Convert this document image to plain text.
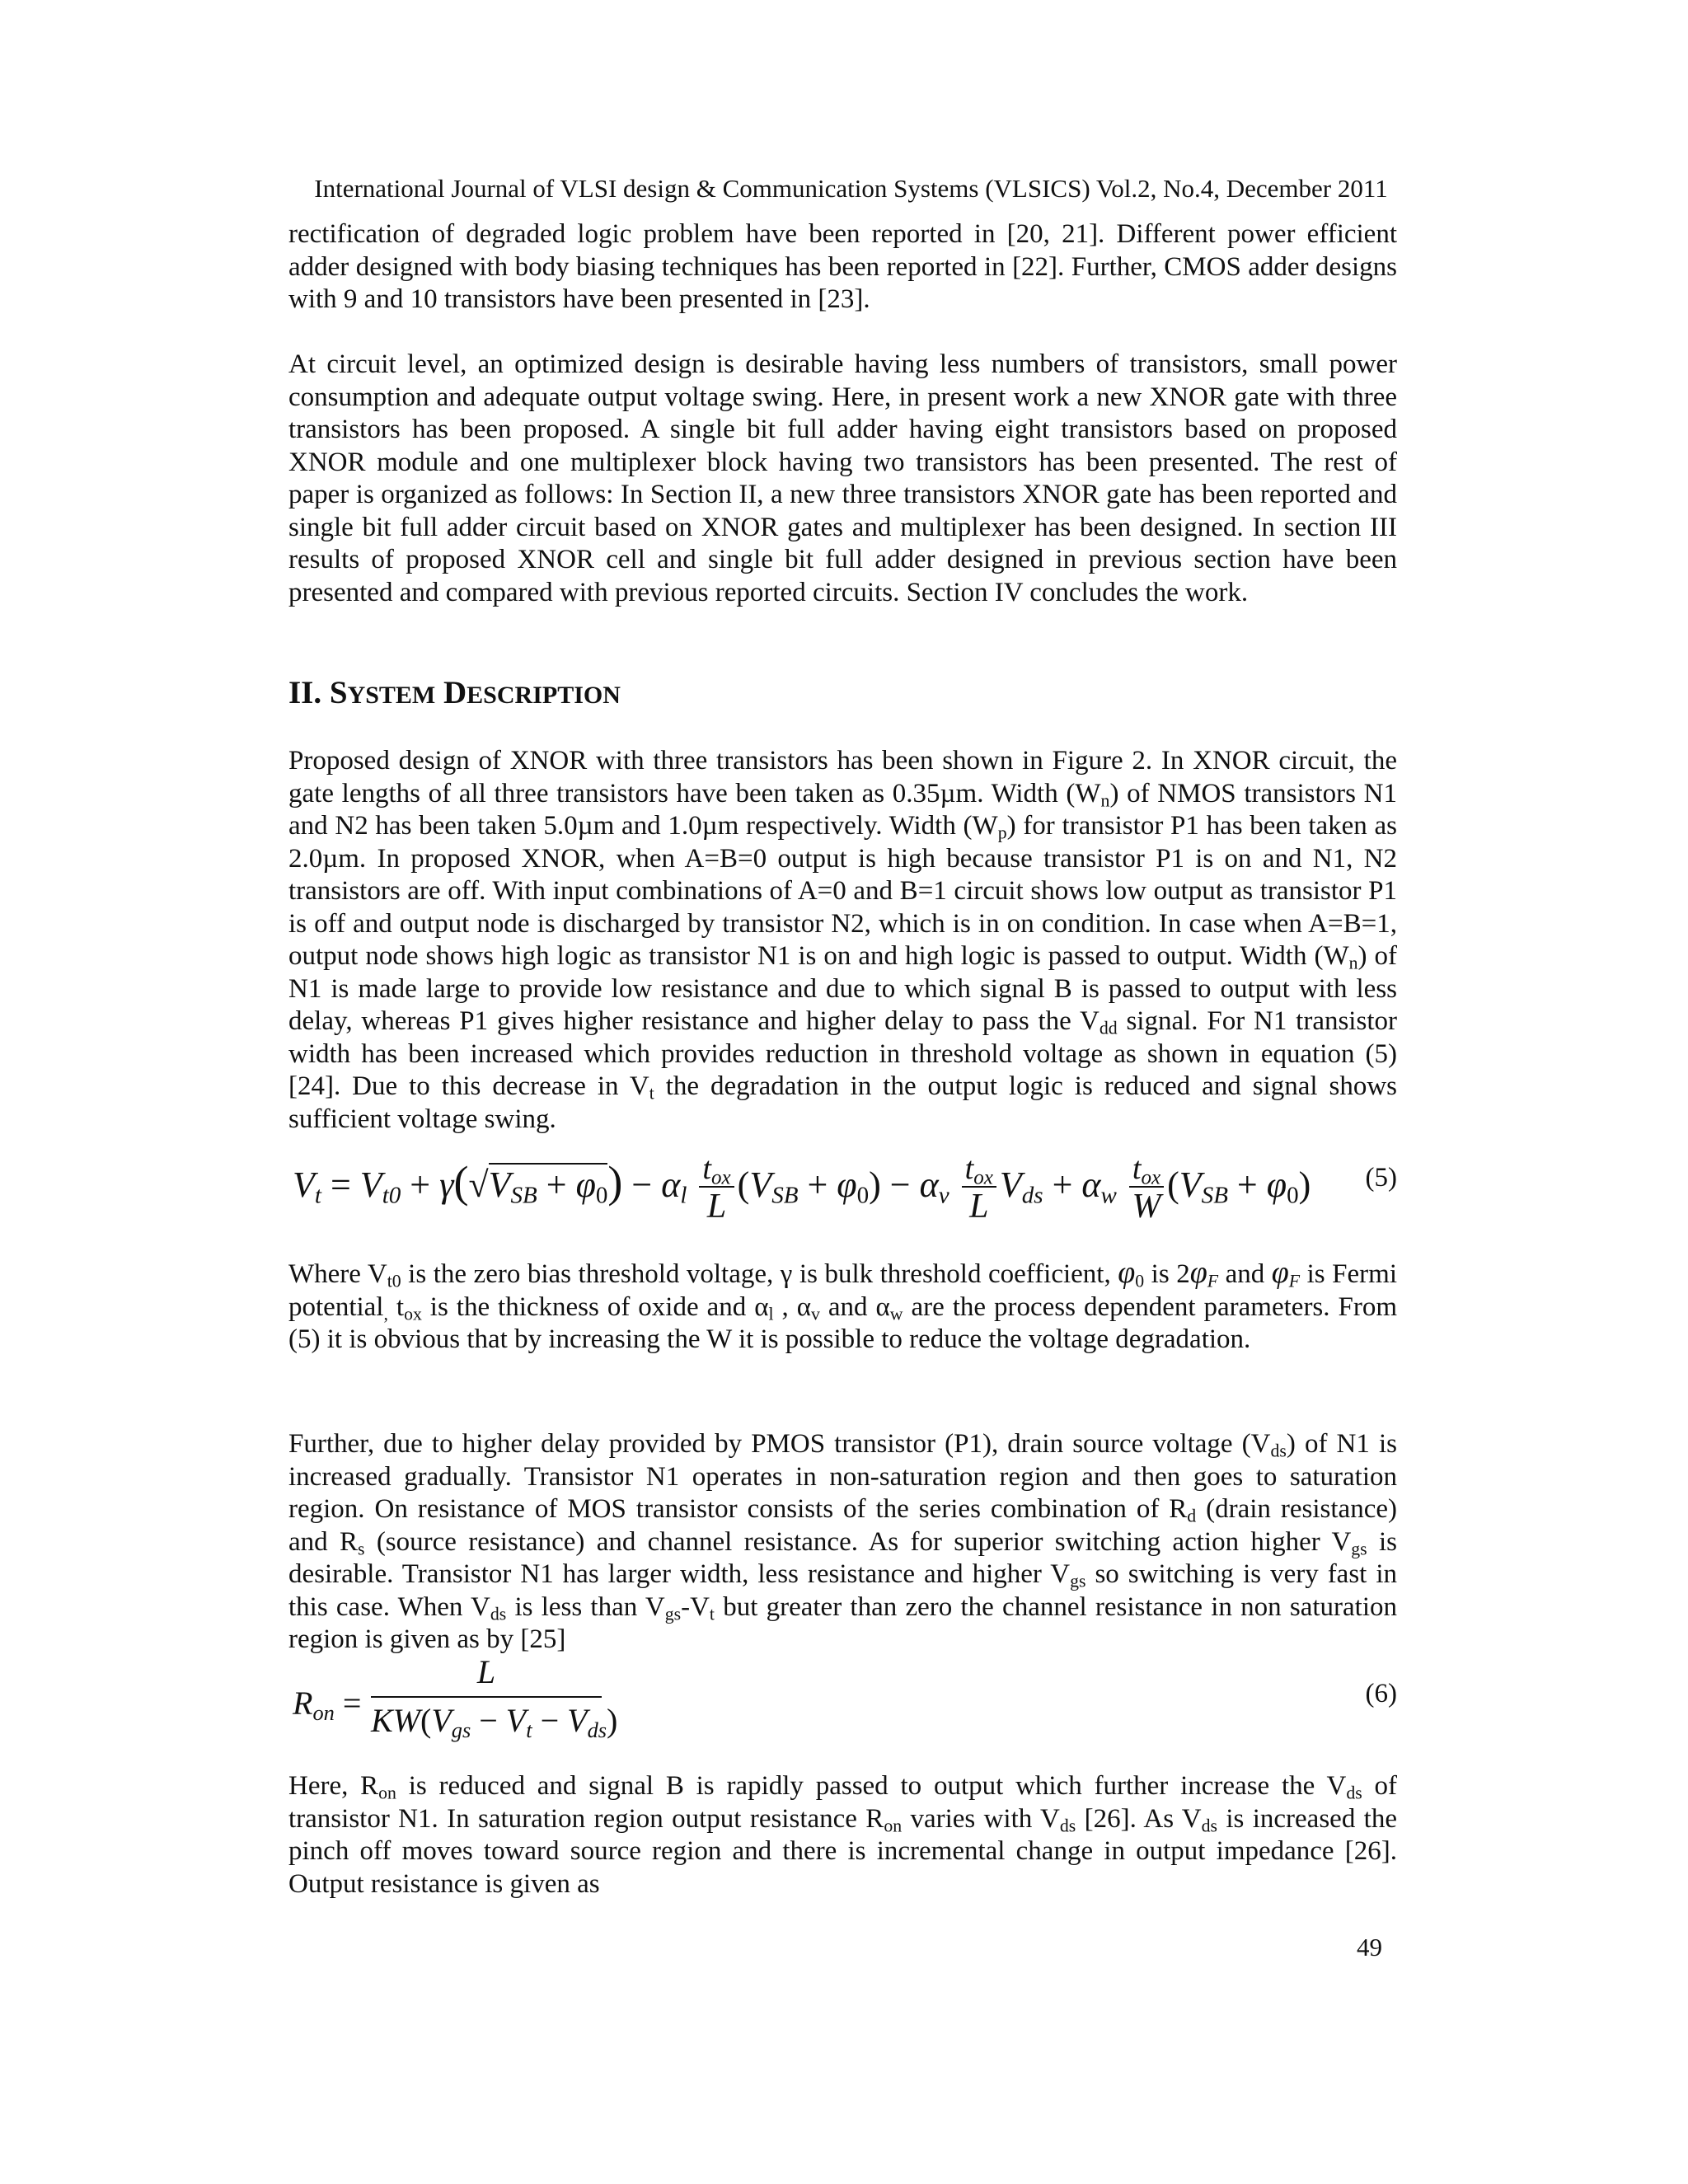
International Journal of VLSI design & Communication Systems (VLSICS) Vol.2, No.4, December 2011
rectification of degraded logic problem have been reported in [20, 21]. Different power efficient adder designed with body biasing techniques has been reported in [22]. Further, CMOS adder designs with 9 and 10 transistors have been presented in [23].
At circuit level, an optimized design is desirable having less numbers of transistors, small power consumption and adequate output voltage swing. Here, in present work a new XNOR gate with three transistors has been proposed. A single bit full adder having eight transistors based on proposed XNOR module and one multiplexer block having two transistors has been presented. The rest of paper is organized as follows: In Section II, a new three transistors XNOR gate has been reported and single bit full adder circuit based on XNOR gates and multiplexer has been designed. In section III results of proposed XNOR cell and single bit full adder designed in previous section have been presented and compared with previous reported circuits. Section IV concludes the work.
II. SYSTEM DESCRIPTION
Proposed design of XNOR with three transistors has been shown in Figure 2. In XNOR circuit, the gate lengths of all three transistors have been taken as 0.35µm. Width $(W_n)$ of NMOS transistors N1 and N2 has been taken 5.0µm and 1.0µm respectively. Width $(W_p)$ for transistor P1 has been taken as 2.0µm. In proposed XNOR, when A=B=0 output is high because transistor P1 is on and N1, N2 transistors are off. With input combinations of A=0 and B=1 circuit shows low output as transistor P1 is off and output node is discharged by transistor N2, which is in on condition. In case when A=B=1, output node shows high logic as transistor N1 is on and high logic is passed to output. Width $(W_n)$ of N1 is made large to provide low resistance and due to which signal B is passed to output with less delay, whereas P1 gives higher resistance and higher delay to pass the $V_{dd}$ signal. For N1 transistor width has been increased which provides reduction in threshold voltage as shown in equation (5) [24]. Due to this decrease in $V_t$ the degradation in the output logic is reduced and signal shows sufficient voltage swing.
$V_t = V_{t0} + \gamma(√V_{SB} + \varphi_0) - \alpha_l \frac{t_{ox}}{L} (V_{SB} + \varphi_0) - \alpha_v \frac{t_{ox}}{L} V_{ds} + \alpha_w \frac{t_{ox}}{W} (V_{SB} + \varphi_0)$ (5)
Where $V_{t0}$ is the zero bias threshold voltage, γ is bulk threshold coefficient, $\varphi_0$ is $2\varphi_F$ and $\varphi_F$ is Fermi potential$_,$ $t_{ox}$ is the thickness of oxide and $\alpha_l$ , $\alpha_v$ and $\alpha_w$ are the process dependent parameters. From (5) it is obvious that by increasing the W it is possible to reduce the voltage degradation.
Further, due to higher delay provided by PMOS transistor (P1), drain source voltage $(V_{ds})$ of N1 is increased gradually. Transistor N1 operates in non-saturation region and then goes to saturation region. On resistance of MOS transistor consists of the series combination of $R_d$ (drain resistance) and $R_s$ (source resistance) and channel resistance. As for superior switching action higher $V_{gs}$ is desirable. Transistor N1 has larger width, less resistance and higher $V_{gs}$ so switching is very fast in this case. When $V_{ds}$ is less than $V_{gs}-V_t$ but greater than zero the channel resistance in non saturation region is given as by [25]
$R_{on}$ =
L
$KW(V_{gs} - V_t - V_{ds})$
(6)
Here, $R_{on}$ is reduced and signal B is rapidly passed to output which further increase the $V_{ds}$ of transistor N1. In saturation region output resistance $R_{on}$ varies with $V_{ds}$ [26]. As $V_{ds}$ is increased the pinch off moves toward source region and there is incremental change in output impedance [26]. Output resistance is given as
49
